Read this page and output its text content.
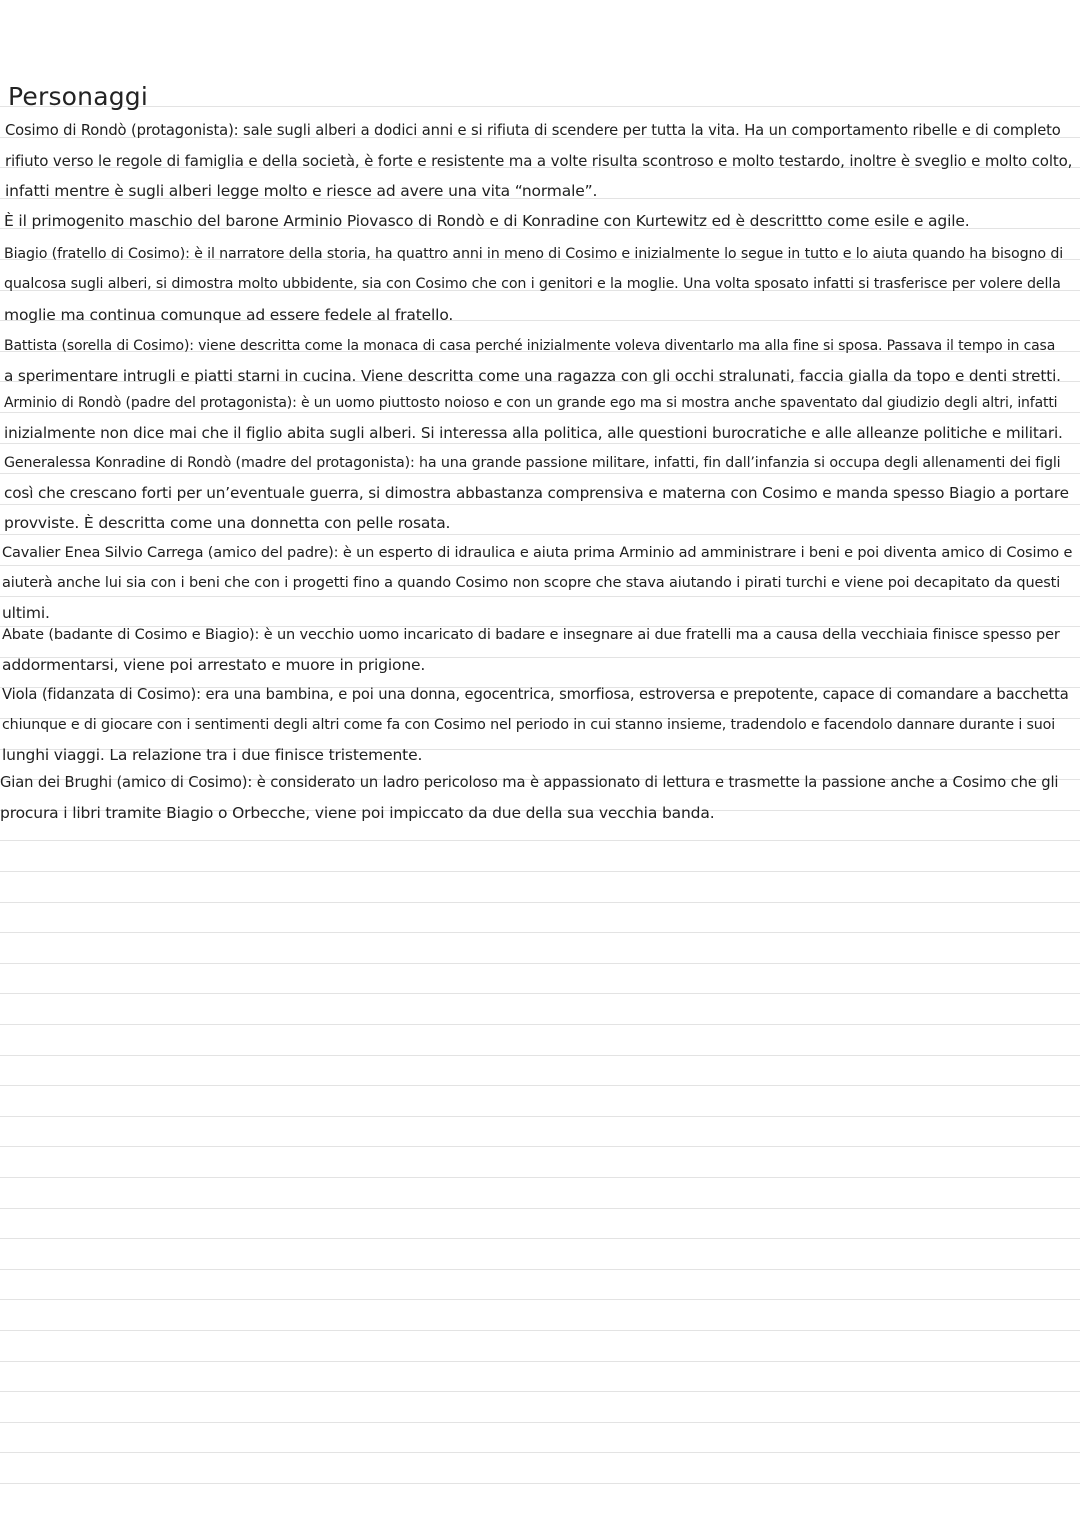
Personaggi
Cosimo di Rondò (protagonista): sale sugli alberi a dodici anni e si rifiuta di scendere per tutta la vita. Ha un comportamento ribelle e di completo
rifiuto verso le regole di famiglia e della società, è forte e resistente ma a volte risulta scontroso e molto testardo, inoltre è sveglio e molto colto,
infatti mentre è sugli alberi legge molto e riesce ad avere una vita “normale”.
È il primogenito maschio del barone Arminio Piovasco di Rondò e di Konradine con Kurtewitz ed è descrittto come esile e agile.
Biagio (fratello di Cosimo): è il narratore della storia, ha quattro anni in meno di Cosimo e inizialmente lo segue in tutto e lo aiuta quando ha bisogno di
qualcosa sugli alberi, si dimostra molto ubbidente, sia con Cosimo che con i genitori e la moglie. Una volta sposato infatti si trasferisce per volere della
moglie ma continua comunque ad essere fedele al fratello.
Battista (sorella di Cosimo): viene descritta come la monaca di casa perché inizialmente voleva diventarlo ma alla fine si sposa. Passava il tempo in casa
a sperimentare intrugli e piatti starni in cucina. Viene descritta come una ragazza con gli occhi stralunati, faccia gialla da topo e denti stretti.
Arminio di Rondò (padre del protagonista): è un uomo piuttosto noioso e con un grande ego ma si mostra anche spaventato dal giudizio degli altri, infatti
inizialmente non dice mai che il figlio abita sugli alberi. Si interessa alla politica, alle questioni burocratiche e alle alleanze politiche e militari.
Generalessa Konradine di Rondò (madre del protagonista): ha una grande passione militare, infatti, fin dall’infanzia si occupa degli allenamenti dei figli
così che crescano forti per un’eventuale guerra, si dimostra abbastanza comprensiva e materna con Cosimo e manda spesso Biagio a portare
provviste. È descritta come una donnetta con pelle rosata.
Cavalier Enea Silvio Carrega (amico del padre): è un esperto di idraulica e aiuta prima Arminio ad amministrare i beni e poi diventa amico di Cosimo e
aiuterà anche lui sia con i beni che con i progetti fino a quando Cosimo non scopre che stava aiutando i pirati turchi e viene poi decapitato da questi
ultimi.
Abate (badante di Cosimo e Biagio): è un vecchio uomo incaricato di badare e insegnare ai due fratelli ma a causa della vecchiaia finisce spesso per
addormentarsi, viene poi arrestato e muore in prigione.
Viola (fidanzata di Cosimo): era una bambina, e poi una donna, egocentrica, smorfiosa, estroversa e prepotente, capace di comandare a bacchetta
chiunque e di giocare con i sentimenti degli altri come fa con Cosimo nel periodo in cui stanno insieme, tradendolo e facendolo dannare durante i suoi
lunghi viaggi. La relazione tra i due finisce tristemente.
Gian dei Brughi (amico di Cosimo): è considerato un ladro pericoloso ma è appassionato di lettura e trasmette la passione anche a Cosimo che gli
procura i libri tramite Biagio o Orbecche, viene poi impiccato da due della sua vecchia banda.
